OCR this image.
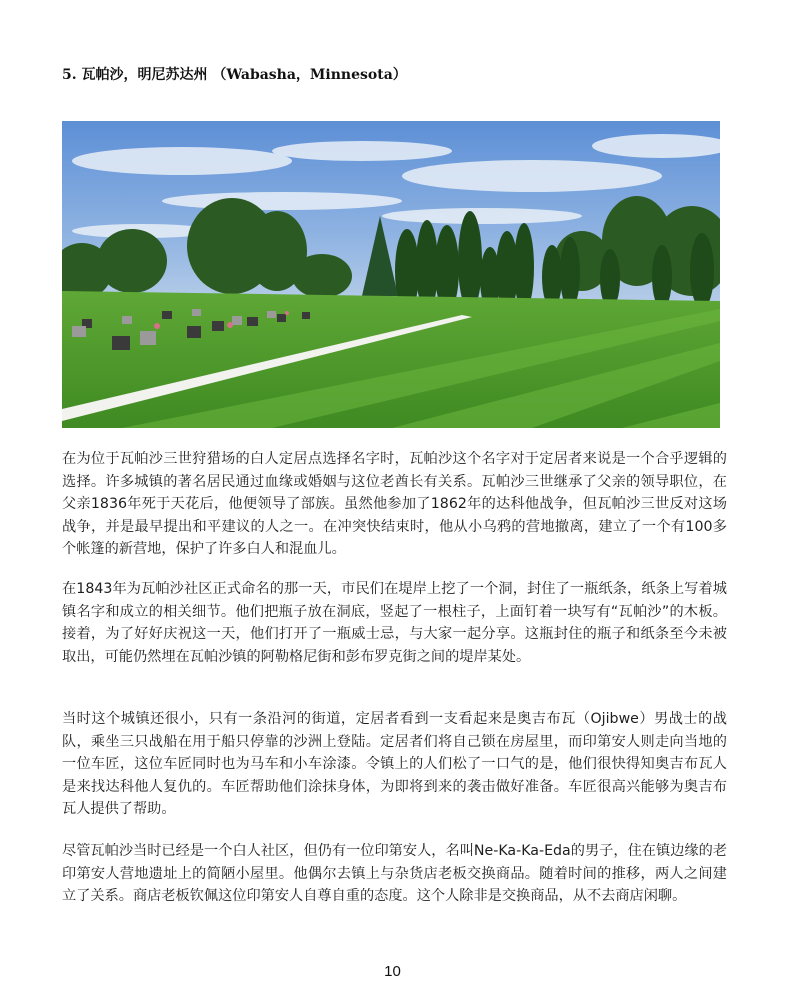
5. 瓦帕沙，明尼苏达州 （Wabasha，Minnesota）

在为位于瓦帕沙三世狩猎场的白人定居点选择名字时，瓦帕沙这个名字对于定居者来说是一个合乎逻辑的选择。许多城镇的著名居民通过血缘或婚姻与这位老酋长有关系。瓦帕沙三世继承了父亲的领导职位，在父亲1836年死于天花后，他便领导了部族。虽然他参加了1862年的达科他战争，但瓦帕沙三世反对这场战争，并是最早提出和平建议的人之一。在冲突快结束时，他从小乌鸦的营地撤离，建立了一个有100多个帐篷的新营地，保护了许多白人和混血儿。

在1843年为瓦帕沙社区正式命名的那一天，市民们在堤岸上挖了一个洞，封住了一瓶纸条，纸条上写着城镇名字和成立的相关细节。他们把瓶子放在洞底，竖起了一根柱子，上面钉着一块写有“瓦帕沙”的木板。接着，为了好好庆祝这一天，他们打开了一瓶威士忌，与大家一起分享。这瓶封住的瓶子和纸条至今未被取出，可能仍然埋在瓦帕沙镇的阿勒格尼街和彭布罗克街之间的堤岸某处。

当时这个城镇还很小，只有一条沿河的街道，定居者看到一支看起来是奥吉布瓦（Ojibwe）男战士的战队，乘坐三只战船在用于船只停靠的沙洲上登陆。定居者们将自己锁在房屋里，而印第安人则走向当地的一位车匠，这位车匠同时也为马车和小车涂漆。令镇上的人们松了一口气的是，他们很快得知奥吉布瓦人是来找达科他人复仇的。车匠帮助他们涂抹身体，为即将到来的袭击做好准备。车匠很高兴能够为奥吉布瓦人提供了帮助。

尽管瓦帕沙当时已经是一个白人社区，但仍有一位印第安人，名叫Ne-Ka-Ka-Eda的男子，住在镇边缘的老印第安人营地遗址上的简陋小屋里。他偶尔去镇上与杂货店老板交换商品。随着时间的推移，两人之间建立了关系。商店老板钦佩这位印第安人自尊自重的态度。这个人除非是交换商品，从不去商店闲聊。

10
